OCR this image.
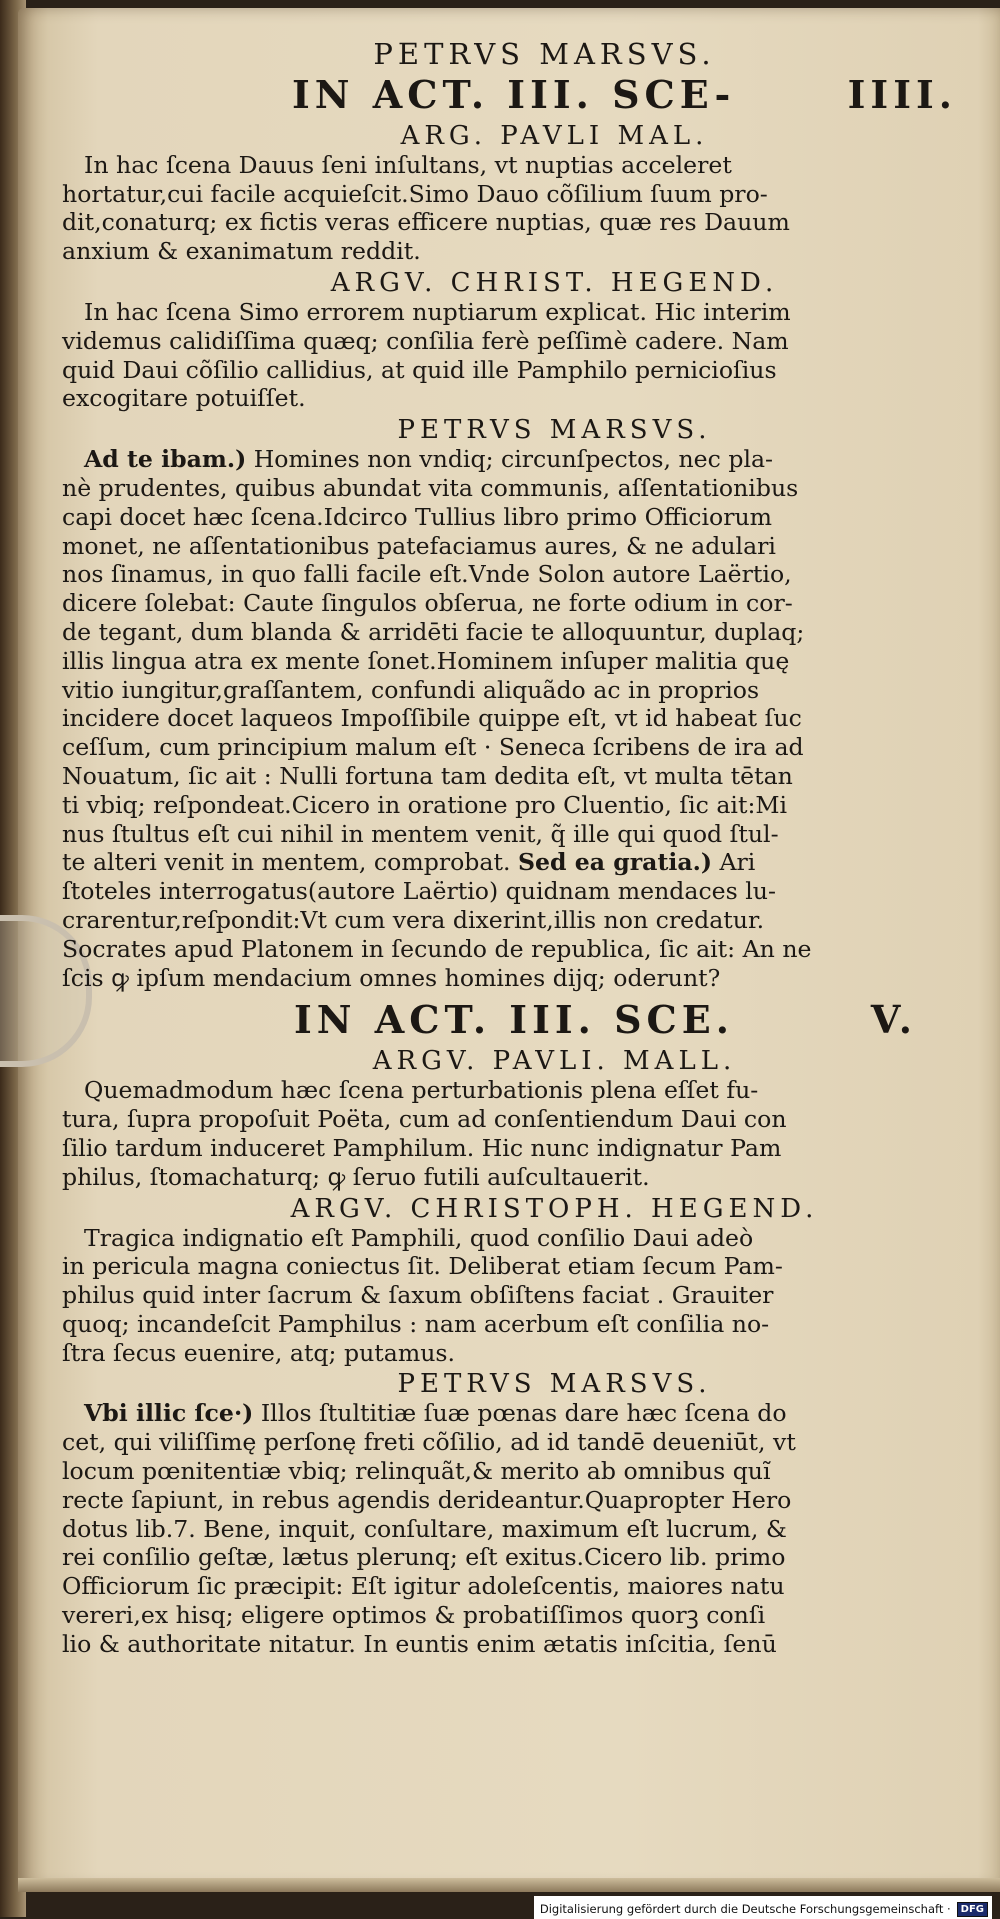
PETRVS MARSVS.
IN ACT. III. SCE-	IIII.
ARG. PAVLI MAL.
In hac ſcena Dauus ſeni inſultans, vt nuptias acceleret
hortatur,cui facile acquieſcit.Simo Dauo cõſilium ſuum pro-
dit,conaturq; ex fictis veras efficere nuptias, quæ res Dauum
anxium & exanimatum reddit.
ARGV. CHRIST. HEGEND.
In hac ſcena Simo errorem nuptiarum explicat. Hic interim
videmus calidiſſima quæq; conſilia ferè peſſimè cadere. Nam
quid Daui cõſilio callidius, at quid ille Pamphilo pernicioſius
excogitare potuiſſet.
PETRVS MARSVS.
Ad te ibam.) Homines non vndiq; circunſpectos, nec pla-
nè prudentes, quibus abundat vita communis, aſſentationibus
capi docet hæc ſcena.Idcirco Tullius libro primo Officiorum
monet, ne aſſentationibus patefaciamus aures, & ne adulari
nos ſinamus, in quo falli facile eſt.Vnde Solon autore Laërtio,
dicere ſolebat: Caute ſingulos obſerua, ne forte odium in cor-
de tegant, dum blanda & arridēti facie te alloquuntur, duplaq;
illis lingua atra ex mente ſonet.Hominem inſuper malitia quę
vitio iungitur,graſſantem, confundi aliquãdo ac in proprios
incidere docet laqueos Impoſſibile quippe eſt, vt id habeat ſuc
ceſſum, cum principium malum eſt · Seneca ſcribens de ira ad
Nouatum, ſic ait : Nulli fortuna tam dedita eſt, vt multa tētan
ti vbiq; reſpondeat.Cicero in oratione pro Cluentio, ſic ait:Mi
nus ſtultus eſt cui nihil in mentem venit, q̃ ille qui quod ſtul-
te alteri venit in mentem, comprobat. Sed ea gratia.) Ari
ſtoteles interrogatus(autore Laërtio) quidnam mendaces lu-
crarentur,reſpondit:Vt cum vera dixerint,illis non credatur.
Socrates apud Platonem in ſecundo de republica, ſic ait: An ne
ſcis ꝙ ipſum mendacium omnes homines dijq; oderunt?
IN ACT. III. SCE.	V.
ARGV. PAVLI. MALL.
Quemadmodum hæc ſcena perturbationis plena eſſet fu-
tura, ſupra propoſuit Poëta, cum ad conſentiendum Daui con
ſilio tardum induceret Pamphilum. Hic nunc indignatur Pam
philus, ſtomachaturq; ꝙ ſeruo futili auſcultauerit.
ARGV. CHRISTOPH. HEGEND.
Tragica indignatio eſt Pamphili, quod conſilio Daui adeò
in pericula magna coniectus ſit. Deliberat etiam ſecum Pam-
philus quid inter ſacrum & ſaxum obſiſtens faciat . Grauiter
quoq; incandeſcit Pamphilus : nam acerbum eſt conſilia no-
ſtra ſecus euenire, atq; putamus.
PETRVS MARSVS.
Vbi illic ſce·) Illos ſtultitiæ ſuæ pœnas dare hæc ſcena do
cet, qui viliſſimę perſonę freti cõſilio, ad id tandē deueniūt, vt
locum pœnitentiæ vbiq; relinquãt,& merito ab omnibus quĩ
recte ſapiunt, in rebus agendis derideantur.Quapropter Hero
dotus lib.7. Bene, inquit, conſultare, maximum eſt lucrum, &
rei conſilio geſtæ, lætus plerunq; eſt exitus.Cicero lib. primo
Officiorum ſic præcipit: Eſt igitur adoleſcentis, maiores natu
vereri,ex hisq; eligere optimos & probatiſſimos quorꝫ conſi
lio & authoritate nitatur. In euntis enim ætatis inſcitia, ſenū
Digitalisierung gefördert durch die Deutsche Forschungsgemeinschaft ·	DFG
